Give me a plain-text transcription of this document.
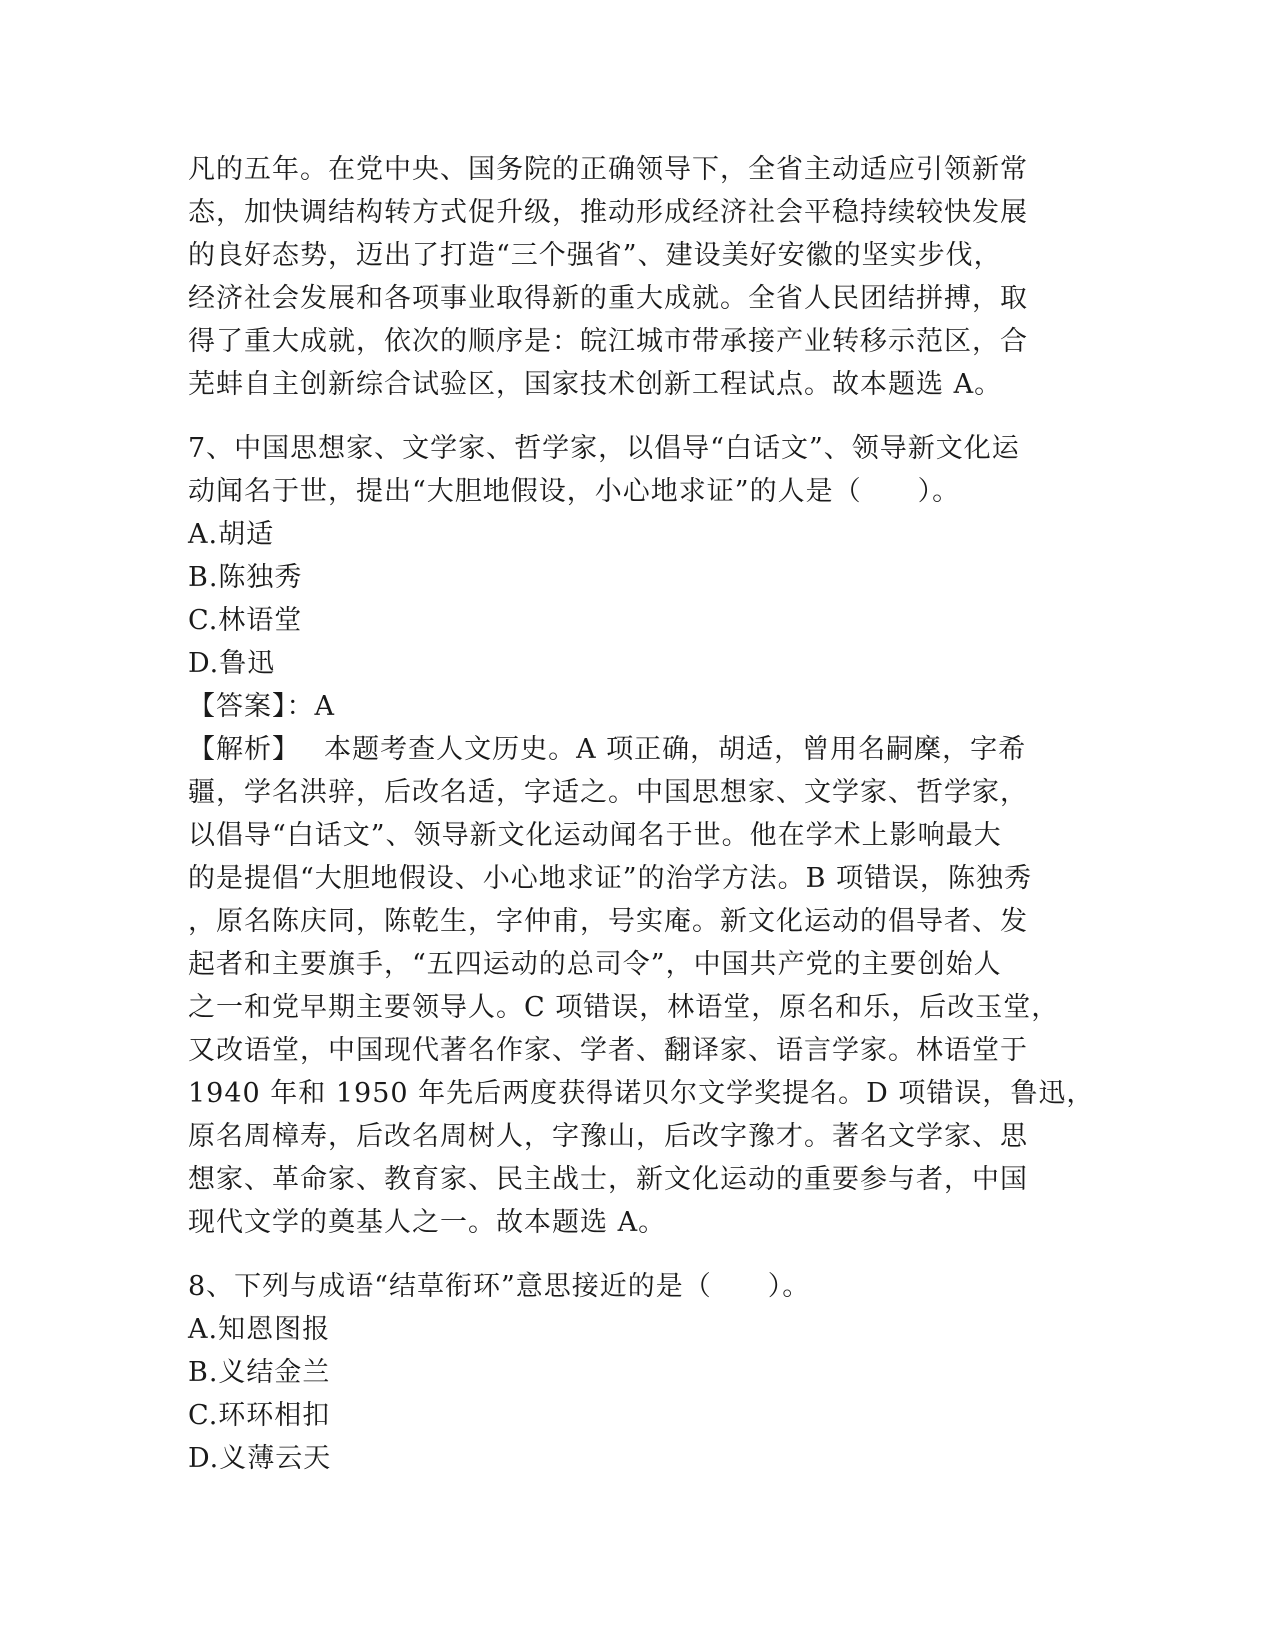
凡的五年。在党中央、国务院的正确领导下，全省主动适应引领新常
态，加快调结构转方式促升级，推动形成经济社会平稳持续较快发展
的良好态势，迈出了打造“三个强省”、建设美好安徽的坚实步伐，
经济社会发展和各项事业取得新的重大成就。全省人民团结拼搏，取
得了重大成就，依次的顺序是：皖江城市带承接产业转移示范区，合
芜蚌自主创新综合试验区，国家技术创新工程试点。故本题选 A。
7、中国思想家、文学家、哲学家，以倡导“白话文”、领导新文化运
动闻名于世，提出“大胆地假设，小心地求证”的人是（　　）。
A.胡适
B.陈独秀
C.林语堂
D.鲁迅
【答案】：A
【解析】　 本题考查人文历史。A 项正确，胡适，曾用名嗣穈，字希
疆，学名洪骍，后改名适，字适之。中国思想家、文学家、哲学家，
以倡导“白话文”、领导新文化运动闻名于世。他在学术上影响最大
的是提倡“大胆地假设、小心地求证”的治学方法。B 项错误，陈独秀
，原名陈庆同，陈乾生，字仲甫，号实庵。新文化运动的倡导者、发
起者和主要旗手，“五四运动的总司令”，中国共产党的主要创始人
之一和党早期主要领导人。C 项错误，林语堂，原名和乐，后改玉堂，
又改语堂，中国现代著名作家、学者、翻译家、语言学家。林语堂于
1940 年和 1950 年先后两度获得诺贝尔文学奖提名。D 项错误，鲁迅，
原名周樟寿，后改名周树人，字豫山，后改字豫才。著名文学家、思
想家、革命家、教育家、民主战士，新文化运动的重要参与者，中国
现代文学的奠基人之一。故本题选 A。
8、下列与成语“结草衔环”意思接近的是（　　）。
A.知恩图报
B.义结金兰
C.环环相扣
D.义薄云天
